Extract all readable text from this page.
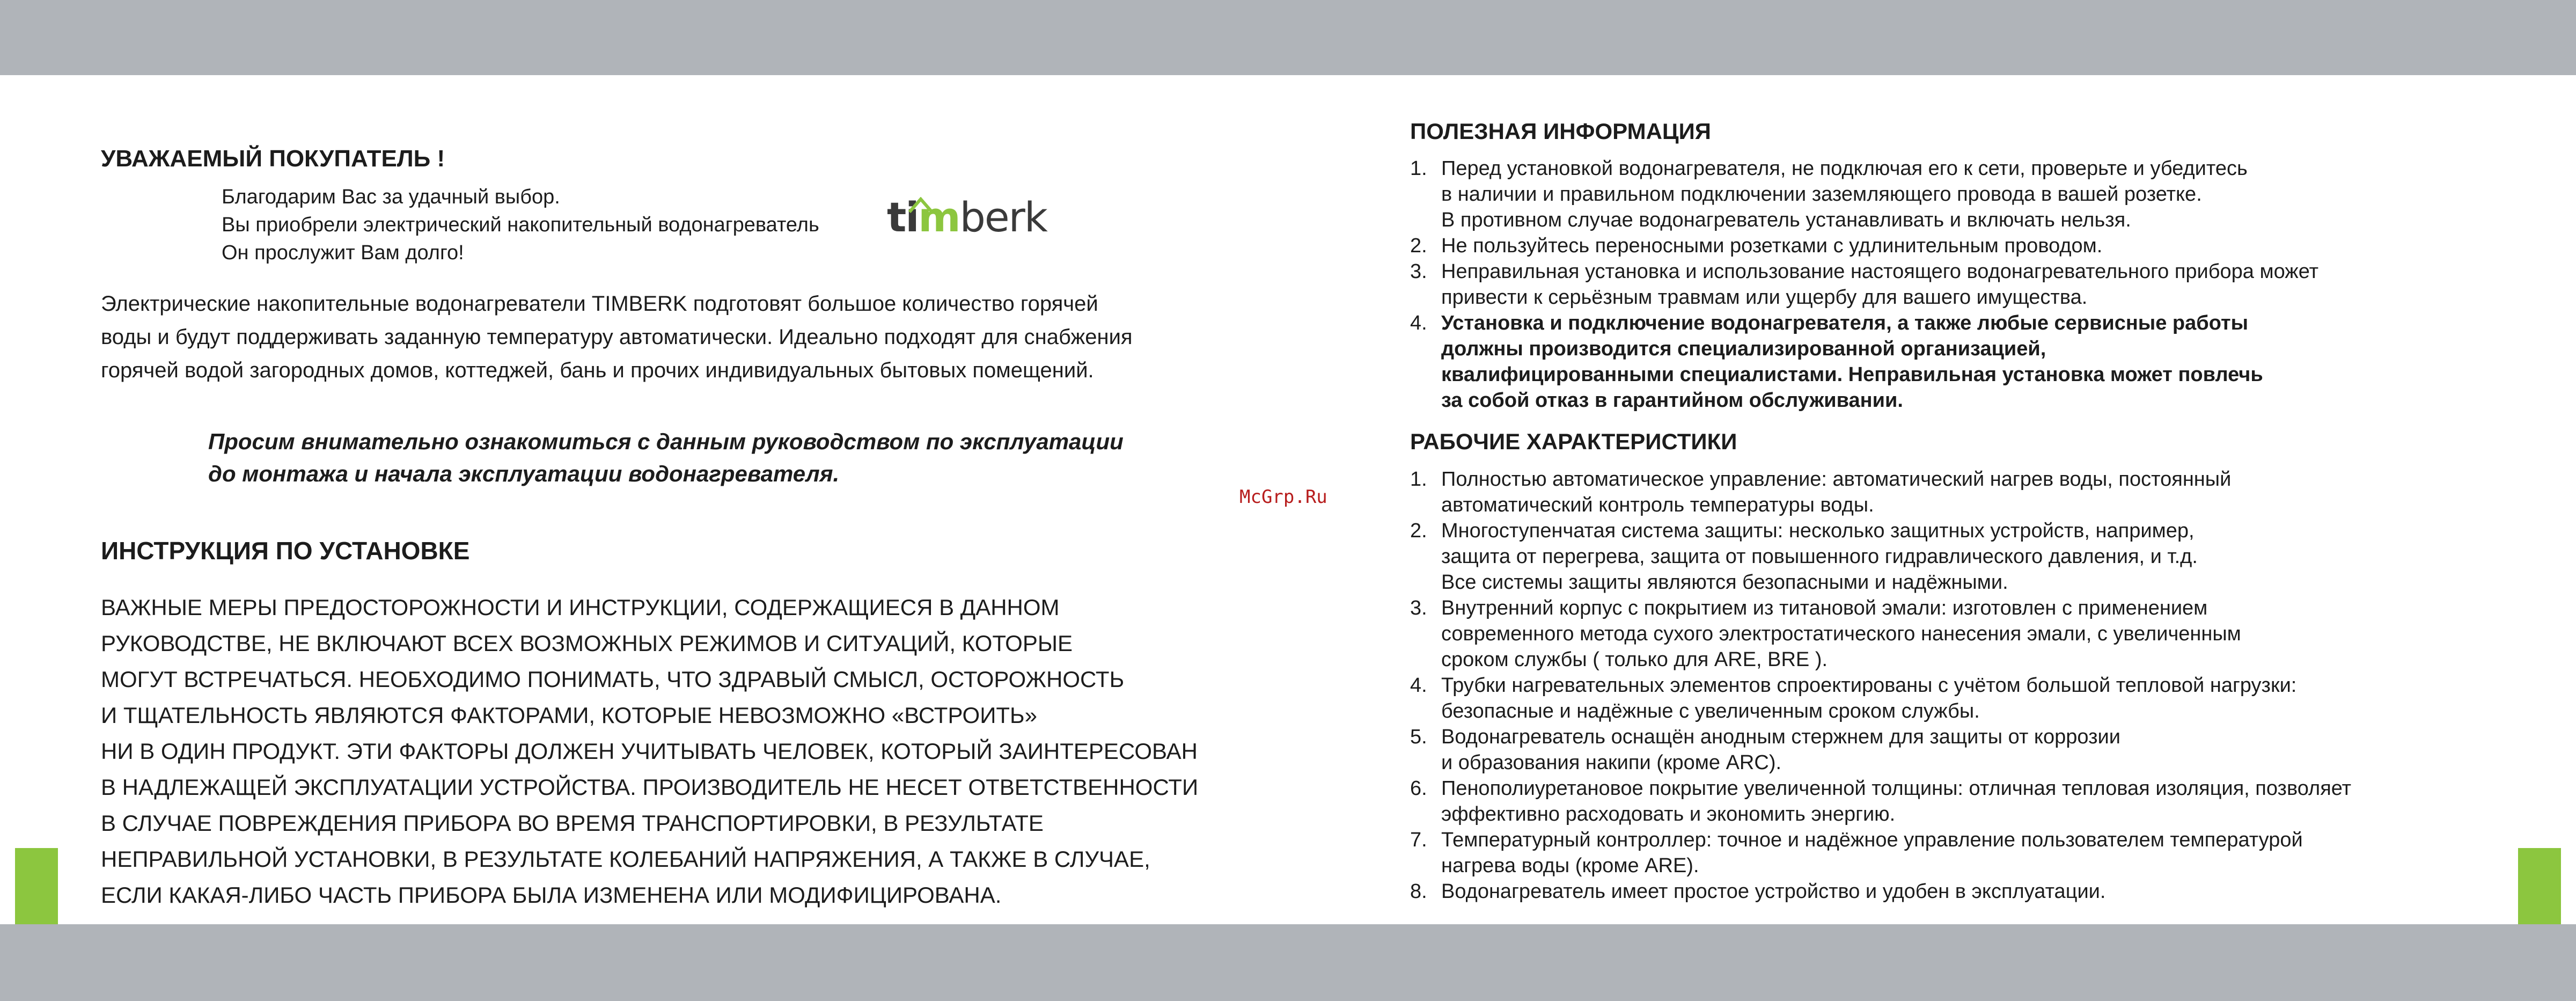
УВАЖАЕМЫЙ ПОКУПАТЕЛЬ !
Благодарим Вас за удачный выбор.
Вы приобрели электрический накопительный водонагреватель
Он прослужит Вам долго!
timberk
Электрические накопительные водонагреватели TIMBERK подготовят большое количество горячей
воды и будут поддерживать заданную температуру автоматически. Идеально подходят для снабжения
горячей водой загородных домов, коттеджей, бань и прочих индивидуальных бытовых помещений.
Просим внимательно ознакомиться с данным руководством по эксплуатации
до монтажа и начала эксплуатации водонагревателя.
ИНСТРУКЦИЯ ПО УСТАНОВКЕ
ВАЖНЫЕ МЕРЫ ПРЕДОСТОРОЖНОСТИ И ИНСТРУКЦИИ, СОДЕРЖАЩИЕСЯ В ДАННОМ
РУКОВОДСТВЕ, НЕ ВКЛЮЧАЮТ ВСЕХ ВОЗМОЖНЫХ РЕЖИМОВ И СИТУАЦИЙ, КОТОРЫЕ
МОГУТ ВСТРЕЧАТЬСЯ. НЕОБХОДИМО ПОНИМАТЬ, ЧТО ЗДРАВЫЙ СМЫСЛ, ОСТОРОЖНОСТЬ
И ТЩАТЕЛЬНОСТЬ ЯВЛЯЮТСЯ ФАКТОРАМИ, КОТОРЫЕ НЕВОЗМОЖНО «ВСТРОИТЬ»
НИ В ОДИН ПРОДУКТ. ЭТИ ФАКТОРЫ ДОЛЖЕН УЧИТЫВАТЬ ЧЕЛОВЕК, КОТОРЫЙ ЗАИНТЕРЕСОВАН
В НАДЛЕЖАЩЕЙ ЭКСПЛУАТАЦИИ УСТРОЙСТВА. ПРОИЗВОДИТЕЛЬ НЕ НЕСЕТ ОТВЕТСТВЕННОСТИ
В СЛУЧАЕ ПОВРЕЖДЕНИЯ ПРИБОРА ВО ВРЕМЯ ТРАНСПОРТИРОВКИ, В РЕЗУЛЬТАТЕ
НЕПРАВИЛЬНОЙ УСТАНОВКИ, В РЕЗУЛЬТАТЕ КОЛЕБАНИЙ НАПРЯЖЕНИЯ, А ТАКЖЕ В СЛУЧАЕ,
ЕСЛИ КАКАЯ-ЛИБО ЧАСТЬ ПРИБОРА БЫЛА ИЗМЕНЕНА ИЛИ МОДИФИЦИРОВАНА.
McGrp.Ru
ПОЛЕЗНАЯ ИНФОРМАЦИЯ
1. Перед установкой водонагревателя, не подключая его к сети, проверьте и убедитесь
в наличии и правильном подключении заземляющего провода в вашей розетке.
В противном случае водонагреватель устанавливать и включать нельзя.
2. Не пользуйтесь переносными розетками с удлинительным проводом.
3. Неправильная установка и использование настоящего водонагревательного прибора может
привести к серьёзным травмам или ущербу для вашего имущества.
4. Установка и подключение водонагревателя, а также любые сервисные работы
должны производится специализированной организацией,
квалифицированными специалистами. Неправильная установка может повлечь
за собой отказ в гарантийном обслуживании.
РАБОЧИЕ ХАРАКТЕРИСТИКИ
1. Полностью автоматическое управление: автоматический нагрев воды, постоянный
автоматический контроль температуры воды.
2. Многоступенчатая система защиты: несколько защитных устройств, например,
защита от перегрева, защита от повышенного гидравлического давления, и т.д.
Все системы защиты являются безопасными и надёжными.
3. Внутренний корпус с покрытием из титановой эмали: изготовлен с применением
современного метода сухого электростатического нанесения эмали, с увеличенным
сроком службы ( только для ARE, BRE ).
4. Трубки нагревательных элементов спроектированы с учётом большой тепловой нагрузки:
безопасные и надёжные с увеличенным сроком службы.
5. Водонагреватель оснащён анодным стержнем для защиты от коррозии
и образования накипи (кроме ARC).
6. Пенополиуретановое покрытие увеличенной толщины: отличная тепловая изоляция, позволяет
эффективно расходовать и экономить энергию.
7. Температурный контроллер: точное и надёжное управление пользователем температурой
нагрева воды (кроме ARE).
8. Водонагреватель имеет простое устройство и удобен в эксплуатации.
